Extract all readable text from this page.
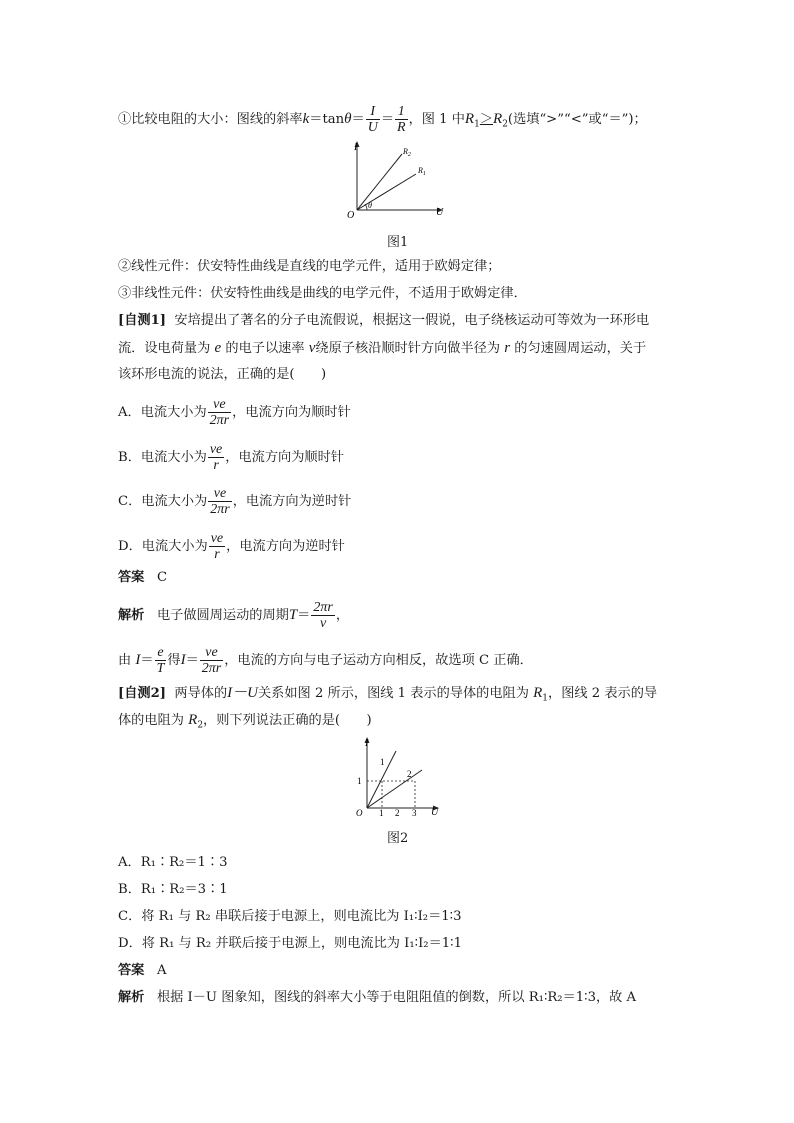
①比较电阻的大小：图线的斜率$k=\tan\theta= \frac{I}{U} = \frac{1}{R}$ ，图 1 中$R_1>R_2$(选填“>”“<”或“＝”)；
I
U
O
θ
$R_2$
$R_1$
图1
②线性元件：伏安特性曲线是直线的电学元件，适用于欧姆定律；
③非线性元件：伏安特性曲线是曲线的电学元件，不适用于欧姆定律．
[自测1] 安培提出了著名的分子电流假说，根据这一假说，电子绕核运动可等效为一环形电
流．设电荷量为 e 的电子以速率 v绕原子核沿顺时针方向做半径为 r 的匀速圆周运动，关于
该环形电流的说法，正确的是(　　)
A．电流大小为 $\frac{ve}{2\pi r}$ ，电流方向为顺时针
B．电流大小为 $\frac{ve}{r}$ ，电流方向为顺时针
C．电流大小为 $\frac{ve}{2\pi r}$ ，电流方向为逆时针
D．电流大小为 $\frac{ve}{r}$ ，电流方向为逆时针
答案 C
解析 电子做圆周运动的周期$T= \frac{2\pi r}{v}$ ，
由 $I= \frac{e}{T}$ 得$I= \frac{ve}{2\pi r}$ ，电流的方向与电子运动方向相反，故选项 C 正确．
[自测2] 两导体的I－U关系如图 2 所示，图线 1 表示的导体的电阻为 $R_1$，图线 2 表示的导
体的电阻为 $R_2$，则下列说法正确的是(　　)
I
U
O
1
1 2 3
1
2
图2
A．R₁∶R₂＝1∶3
B．R₁∶R₂＝3∶1
C．将 R₁ 与 R₂ 串联后接于电源上，则电流比为 I₁∶I₂＝1∶3
D．将 R₁ 与 R₂ 并联后接于电源上，则电流比为 I₁∶I₂＝1∶1
答案 A
解析 根据 I－U 图象知，图线的斜率大小等于电阻阻值的倒数，所以 R₁∶R₂＝1∶3，故 A
